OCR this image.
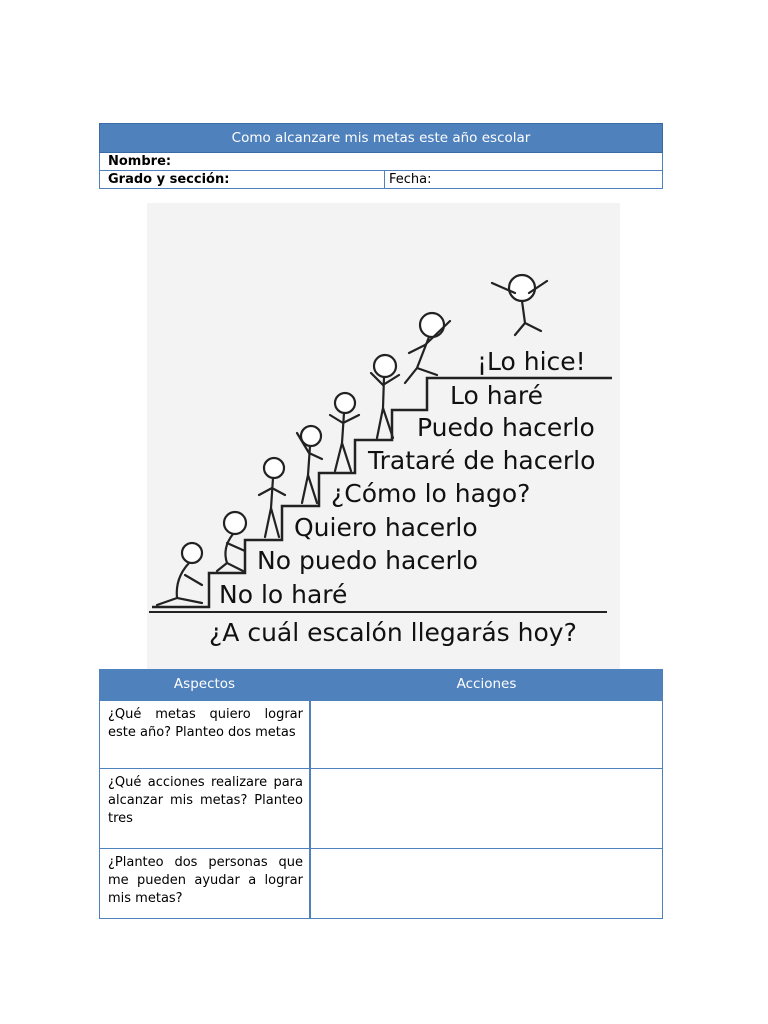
Como alcanzare mis metas este año escolar
Nombre:
Grado y sección:	Fecha:
No lo haré
No puedo hacerlo
Quiero hacerlo
¿Cómo lo hago?
Trataré de hacerlo
Puedo hacerlo
Lo haré
¡Lo hice!
¿A cuál escalón llegarás hoy?
Aspectos	Acciones
¿Qué metas quiero lograr este año? Planteo dos metas
¿Qué acciones realizare para alcanzar mis metas? Planteo tres
¿Planteo dos personas que me pueden ayudar a lograr mis metas?
